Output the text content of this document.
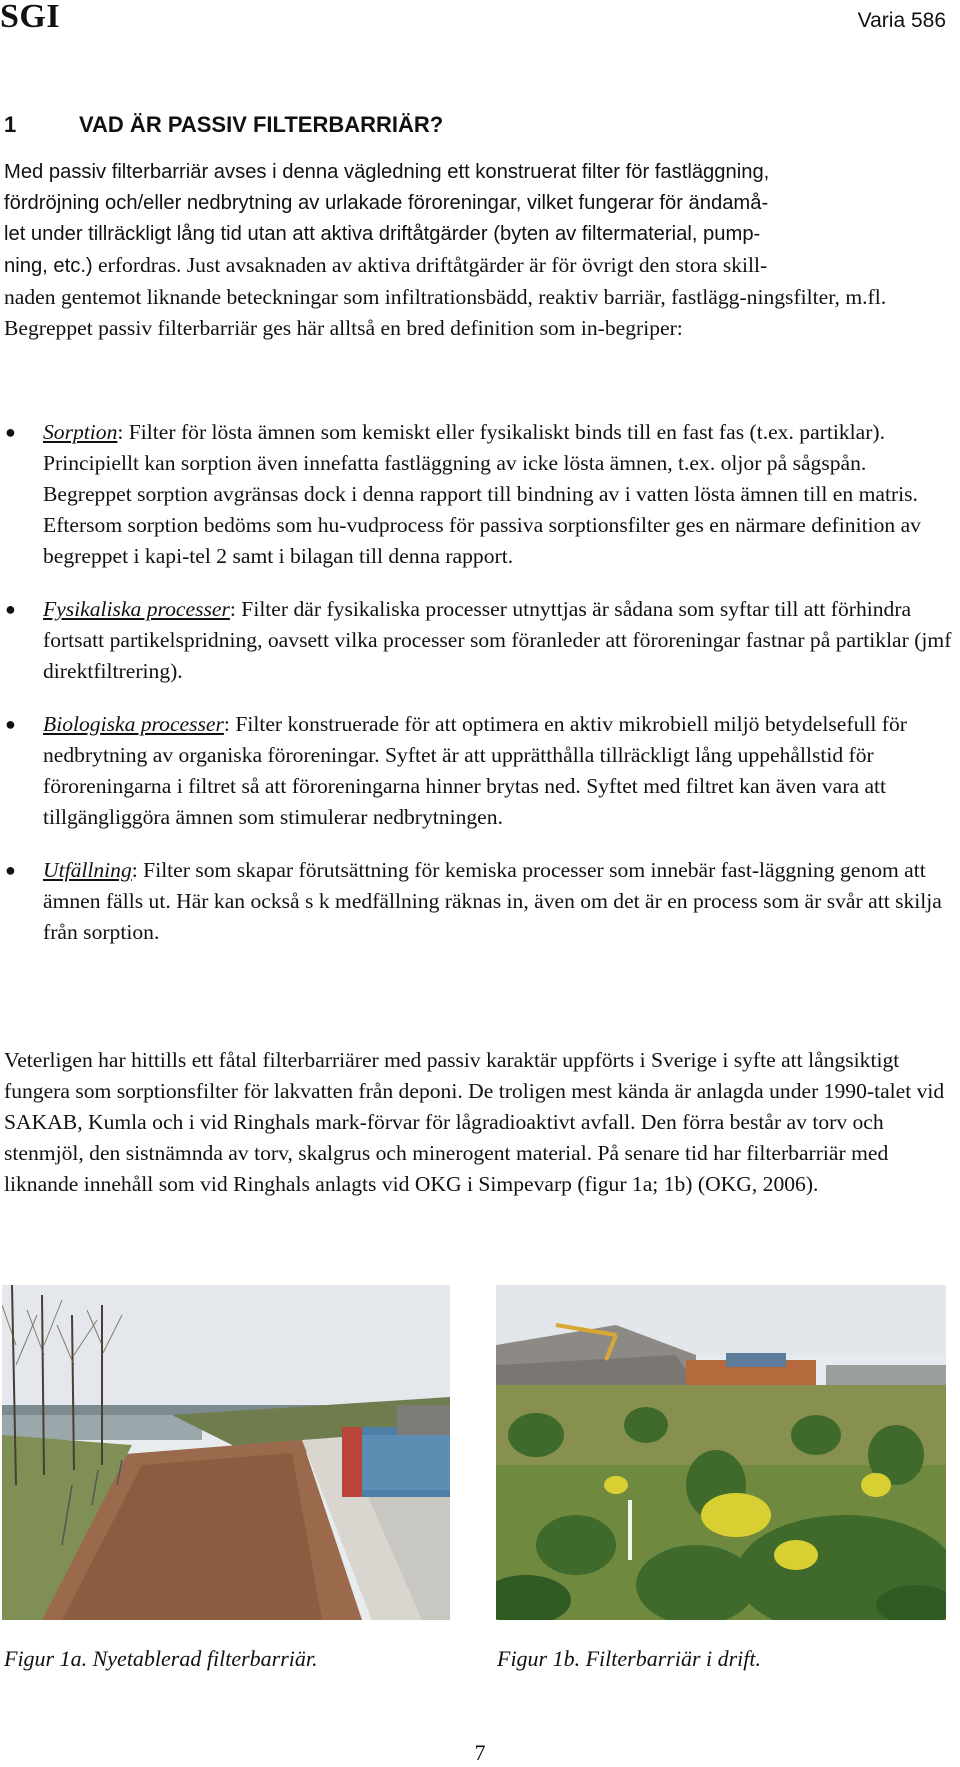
SGI	Varia 586
1	VAD ÄR PASSIV FILTERBARRIÄR?
Med passiv filterbarriär avses i denna vägledning ett konstruerat filter för fastläggning,
fördröjning och/eller nedbrytning av urlakade föroreningar, vilket fungerar för ändamå-
let under tillräckligt lång tid utan att aktiva driftåtgärder (byten av filtermaterial, pump-
ning, etc.) erfordras. Just avsaknaden av aktiva driftåtgärder är för övrigt den stora skill-
naden gentemot liknande beteckningar som infiltrationsbädd, reaktiv barriär, fastlägg-ningsfilter, m.fl. Begreppet passiv filterbarriär ges här alltså en bred definition som in-begriper:
● Sorption: Filter för lösta ämnen som kemiskt eller fysikaliskt binds till en fast fas (t.ex. partiklar). Principiellt kan sorption även innefatta fastläggning av icke lösta ämnen, t.ex. oljor på sågspån. Begreppet sorption avgränsas dock i denna rapport till bindning av i vatten lösta ämnen till en matris. Eftersom sorption bedöms som hu-vudprocess för passiva sorptionsfilter ges en närmare definition av begreppet i kapi-tel 2 samt i bilagan till denna rapport.
● Fysikaliska processer: Filter där fysikaliska processer utnyttjas är sådana som syftar till att förhindra fortsatt partikelspridning, oavsett vilka processer som föranleder att föroreningar fastnar på partiklar (jmf direktfiltrering).
● Biologiska processer: Filter konstruerade för att optimera en aktiv mikrobiell miljö betydelsefull för nedbrytning av organiska föroreningar. Syftet är att upprätthålla tillräckligt lång uppehållstid för föroreningarna i filtret så att föroreningarna hinner brytas ned. Syftet med filtret kan även vara att tillgängliggöra ämnen som stimulerar nedbrytningen.
● Utfällning: Filter som skapar förutsättning för kemiska processer som innebär fast-läggning genom att ämnen fälls ut. Här kan också s k medfällning räknas in, även om det är en process som är svår att skilja från sorption.
Veterligen har hittills ett fåtal filterbarriärer med passiv karaktär uppförts i Sverige i syfte att långsiktigt fungera som sorptionsfilter för lakvatten från deponi. De troligen mest kända är anlagda under 1990-talet vid SAKAB, Kumla och i vid Ringhals mark-förvar för lågradioaktivt avfall. Den förra består av torv och stenmjöl, den sistnämnda av torv, skalgrus och minerogent material. På senare tid har filterbarriär med liknande innehåll som vid Ringhals anlagts vid OKG i Simpevarp (figur 1a; 1b) (OKG, 2006).
Figur 1a. Nyetablerad filterbarriär.	Figur 1b. Filterbarriär i drift.
7
